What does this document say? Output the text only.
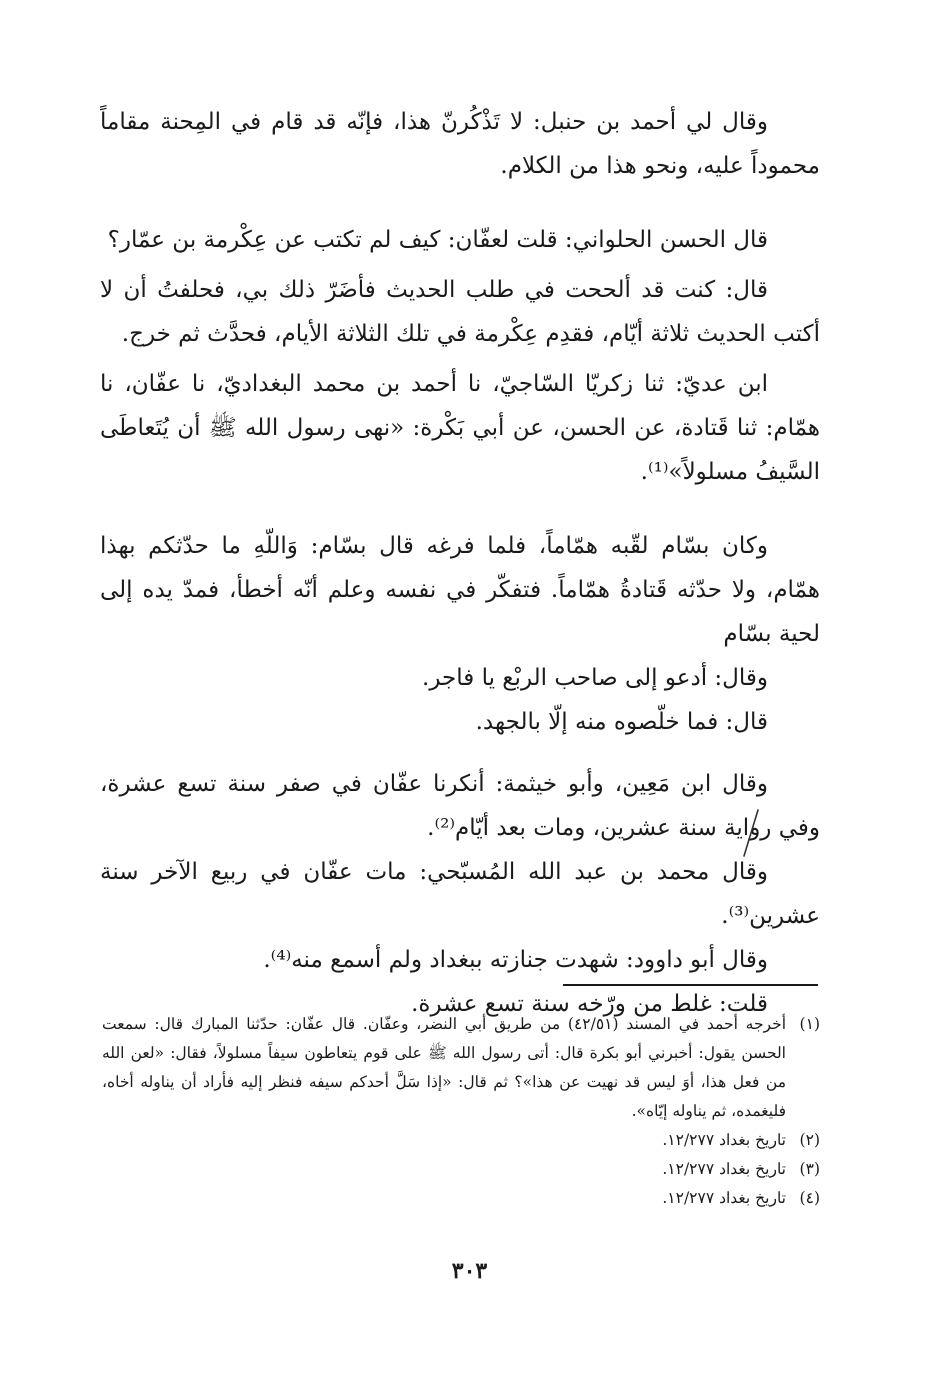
وقال لي أحمد بن حنبل: لا تَذْكُرنّ هذا، فإنّه قد قام في المِحنة مقاماً محموداً عليه، ونحو هذا من الكلام.

قال الحسن الحلواني: قلت لعفّان: كيف لم تكتب عن عِكْرمة بن عمّار؟

قال: كنت قد ألححت في طلب الحديث فأضَرّ ذلك بي، فحلفتُ أن لا أكتب الحديث ثلاثة أيّام، فقدِم عِكْرمة في تلك الثلاثة الأيام، فحدَّث ثم خرج.

ابن عديّ: ثنا زكريّا السّاجيّ، نا أحمد بن محمد البغداديّ، نا عفّان، نا همّام: ثنا قَتادة، عن الحسن، عن أبي بَكْرة: «نهى رسول الله ﷺ أن يُتَعاطَى السَّيفُ مسلولاً»⁽¹⁾.

وكان بسّام لقّبه همّاماً، فلما فرغه قال بسّام: وَاللّهِ ما حدّثكم بهذا همّام، ولا حدّثه قَتادةُ همّاماً. فتفكّر في نفسه وعلم أنّه أخطأ، فمدّ يده إلى لحية بسّام

وقال: أدعو إلى صاحب الربْع يا فاجر.

قال: فما خلّصوه منه إلّا بالجهد.

وقال ابن مَعِين، وأبو خيثمة: أنكرنا عفّان في صفر سنة تسع عشرة، وفي رواية سنة عشرين، ومات بعد أيّام⁽²⁾.

وقال محمد بن عبد الله المُسبّحي: مات عفّان في ربيع الآخر سنة عشرين⁽³⁾.

وقال أبو داوود: شهدت جنازته ببغداد ولم أسمع منه⁽⁴⁾.

قلت: غلط من ورّخه سنة تسع عشرة.

(١)
أخرجه أحمد في المسند (٤٢/٥١) من طريق أبي النضر، وعفّان. قال عفّان: حدّثنا المبارك قال: سمعت الحسن يقول: أخبرني أبو بكرة قال: أتى رسول الله ﷺ على قوم يتعاطون سيفاً مسلولاً، فقال: «لعن الله من فعل هذا، أوَ ليس قد نهيت عن هذا»؟ ثم قال: «إذا سَلَّ أحدكم سيفه فنظر إليه فأراد أن يناوله أخاه، فليغمده، ثم يناوله إيّاه».
(٢)
تاريخ بغداد ١٢/٢٧٧.
(٣)
تاريخ بغداد ١٢/٢٧٧.
(٤)
تاريخ بغداد ١٢/٢٧٧.
٣٠٣
